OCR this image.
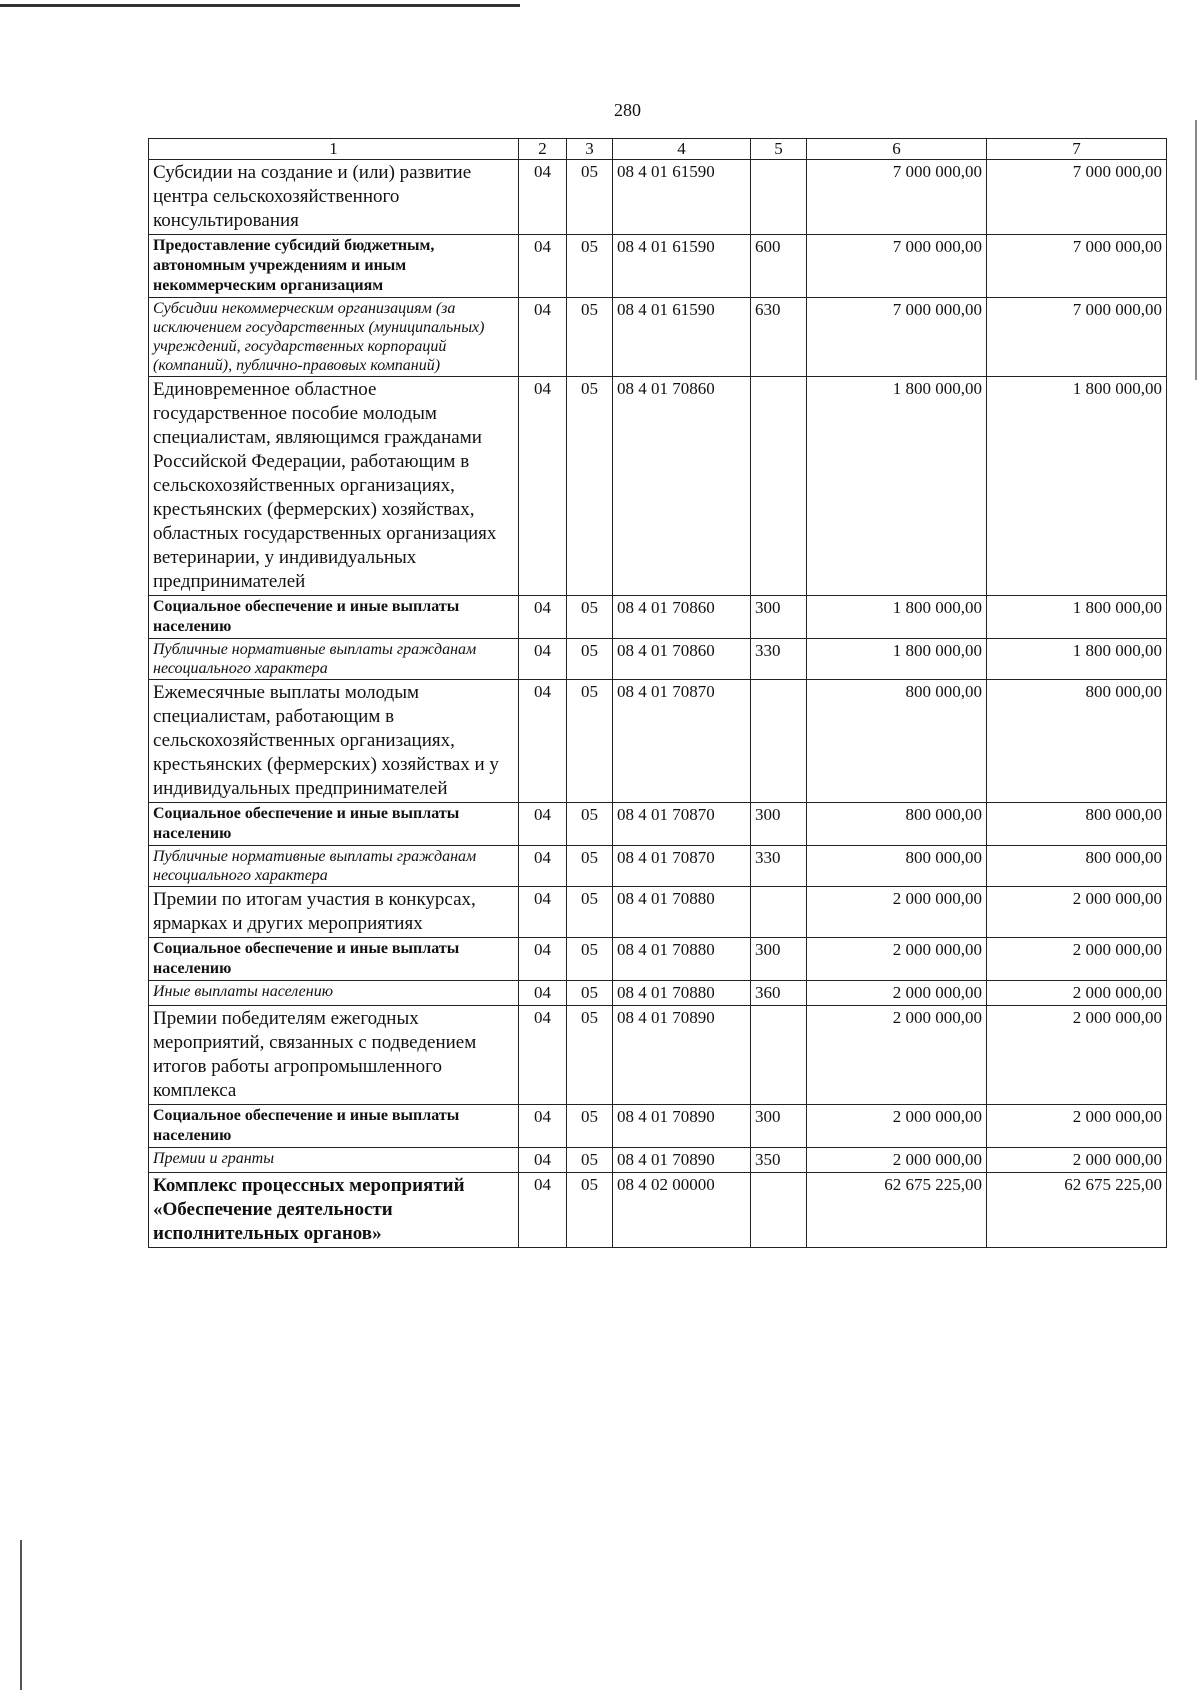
280
1	2	3	4	5	6	7
Субсидии на создание и (или) развитие центра сельскохозяйственного консультирования	04	05	08 4 01 61590		7 000 000,00	7 000 000,00
Предоставление субсидий бюджетным, автономным учреждениям и иным некоммерческим организациям	04	05	08 4 01 61590	600	7 000 000,00	7 000 000,00
Субсидии некоммерческим организациям (за исключением государственных (муниципальных) учреждений, государственных корпораций (компаний), публично-правовых компаний)	04	05	08 4 01 61590	630	7 000 000,00	7 000 000,00
Единовременное областное государственное пособие молодым специалистам, являющимся гражданами Российской Федерации, работающим в сельскохозяйственных организациях, крестьянских (фермерских) хозяйствах, областных государственных организациях ветеринарии, у индивидуальных предпринимателей	04	05	08 4 01 70860		1 800 000,00	1 800 000,00
Социальное обеспечение и иные выплаты населению	04	05	08 4 01 70860	300	1 800 000,00	1 800 000,00
Публичные нормативные выплаты гражданам несоциального характера	04	05	08 4 01 70860	330	1 800 000,00	1 800 000,00
Ежемесячные выплаты молодым специалистам, работающим в сельскохозяйственных организациях, крестьянских (фермерских) хозяйствах и у индивидуальных предпринимателей	04	05	08 4 01 70870		800 000,00	800 000,00
Социальное обеспечение и иные выплаты населению	04	05	08 4 01 70870	300	800 000,00	800 000,00
Публичные нормативные выплаты гражданам несоциального характера	04	05	08 4 01 70870	330	800 000,00	800 000,00
Премии по итогам участия в конкурсах, ярмарках и других мероприятиях	04	05	08 4 01 70880		2 000 000,00	2 000 000,00
Социальное обеспечение и иные выплаты населению	04	05	08 4 01 70880	300	2 000 000,00	2 000 000,00
Иные выплаты населению	04	05	08 4 01 70880	360	2 000 000,00	2 000 000,00
Премии победителям ежегодных мероприятий, связанных с подведением итогов работы агропромышленного комплекса	04	05	08 4 01 70890		2 000 000,00	2 000 000,00
Социальное обеспечение и иные выплаты населению	04	05	08 4 01 70890	300	2 000 000,00	2 000 000,00
Премии и гранты	04	05	08 4 01 70890	350	2 000 000,00	2 000 000,00
Комплекс процессных мероприятий «Обеспечение деятельности исполнительных органов»	04	05	08 4 02 00000		62 675 225,00	62 675 225,00
